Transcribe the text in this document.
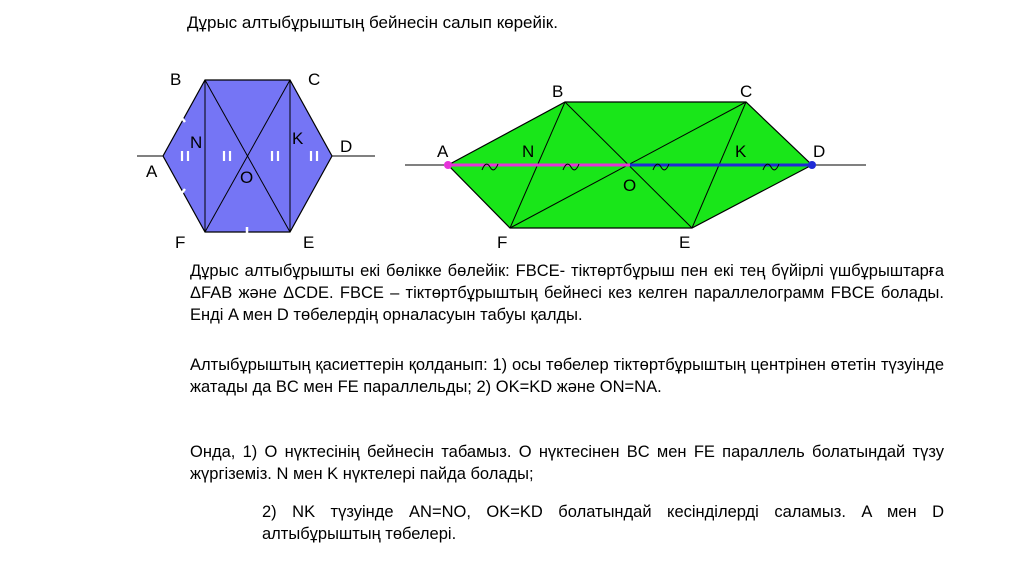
Дұрыс алтыбұрыштың бейнесін салып көрейік.
B	C
A
D
F	E
N	K
O
A
B	C
D
F	E
N	K
O
Дұрыс алтыбұрышты екі бөлікке бөлейік: FBCE- тіктөртбұрыш пен екі тең бүйірлі үшбұрыштарға ΔFAB және ΔCDE. FBCE – тіктөртбұрыштың бейнесі кез келген параллелограмм FBCE болады. Енді A мен D төбелердің орналасуын табуы қалды.
Алтыбұрыштың қасиеттерін қолданып: 1) осы төбелер тіктөртбұрыштың центрінен өтетін түзуінде жатады да BC мен FE параллельды; 2) OK=KD және ON=NA.
Онда, 1) O нүктесінің бейнесін табамыз. O нүктесінен BC мен FE параллель болатындай түзу жүргіземіз. N мен K нүктелері пайда болады;
2) NK түзуінде AN=NO, OK=KD болатындай кесінділерді саламыз. A мен D алтыбұрыштың төбелері.
